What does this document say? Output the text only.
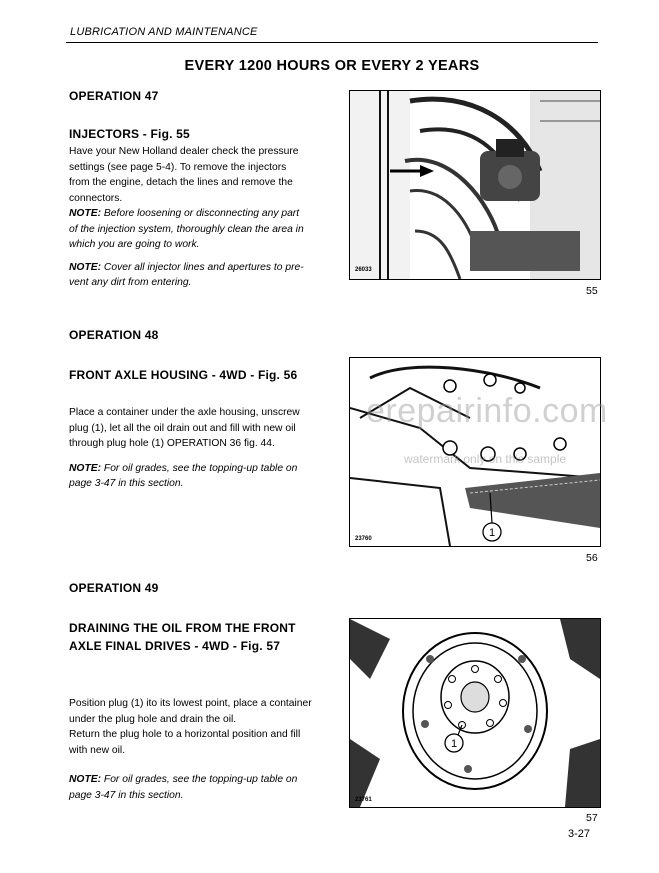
LUBRICATION AND MAINTENANCE
EVERY 1200 HOURS OR EVERY 2 YEARS
OPERATION 47
INJECTORS - Fig. 55
Have your New Holland dealer check the pressure
settings (see page 5-4). To remove the injectors
from the engine, detach the lines and remove the
connectors.
NOTE: Before loosening or disconnecting any part
of the injection system, thoroughly clean the area in
which you are going to work.
NOTE: Cover all injector lines and apertures to pre-
vent any dirt from entering.
26033
55
OPERATION 48
FRONT AXLE HOUSING - 4WD - Fig. 56
Place a container under the axle housing, unscrew
plug (1), let all the oil drain out and fill with new oil
through plug hole (1) OPERATION 36 fig. 44.
NOTE: For oil grades, see the topping-up table on
page 3-47 in this section.
1
23760
56
erepairinfo.com
watermark only on this sample
OPERATION 49
DRAINING THE OIL FROM THE FRONT
AXLE FINAL DRIVES - 4WD - Fig. 57
Position plug (1) ito its lowest point, place a container
under the plug hole and drain the oil.
Return the plug hole to a horizontal position and fill
with new oil.
NOTE: For oil grades, see the topping-up table on
page 3-47 in this section.
1
23761
57
3-27
